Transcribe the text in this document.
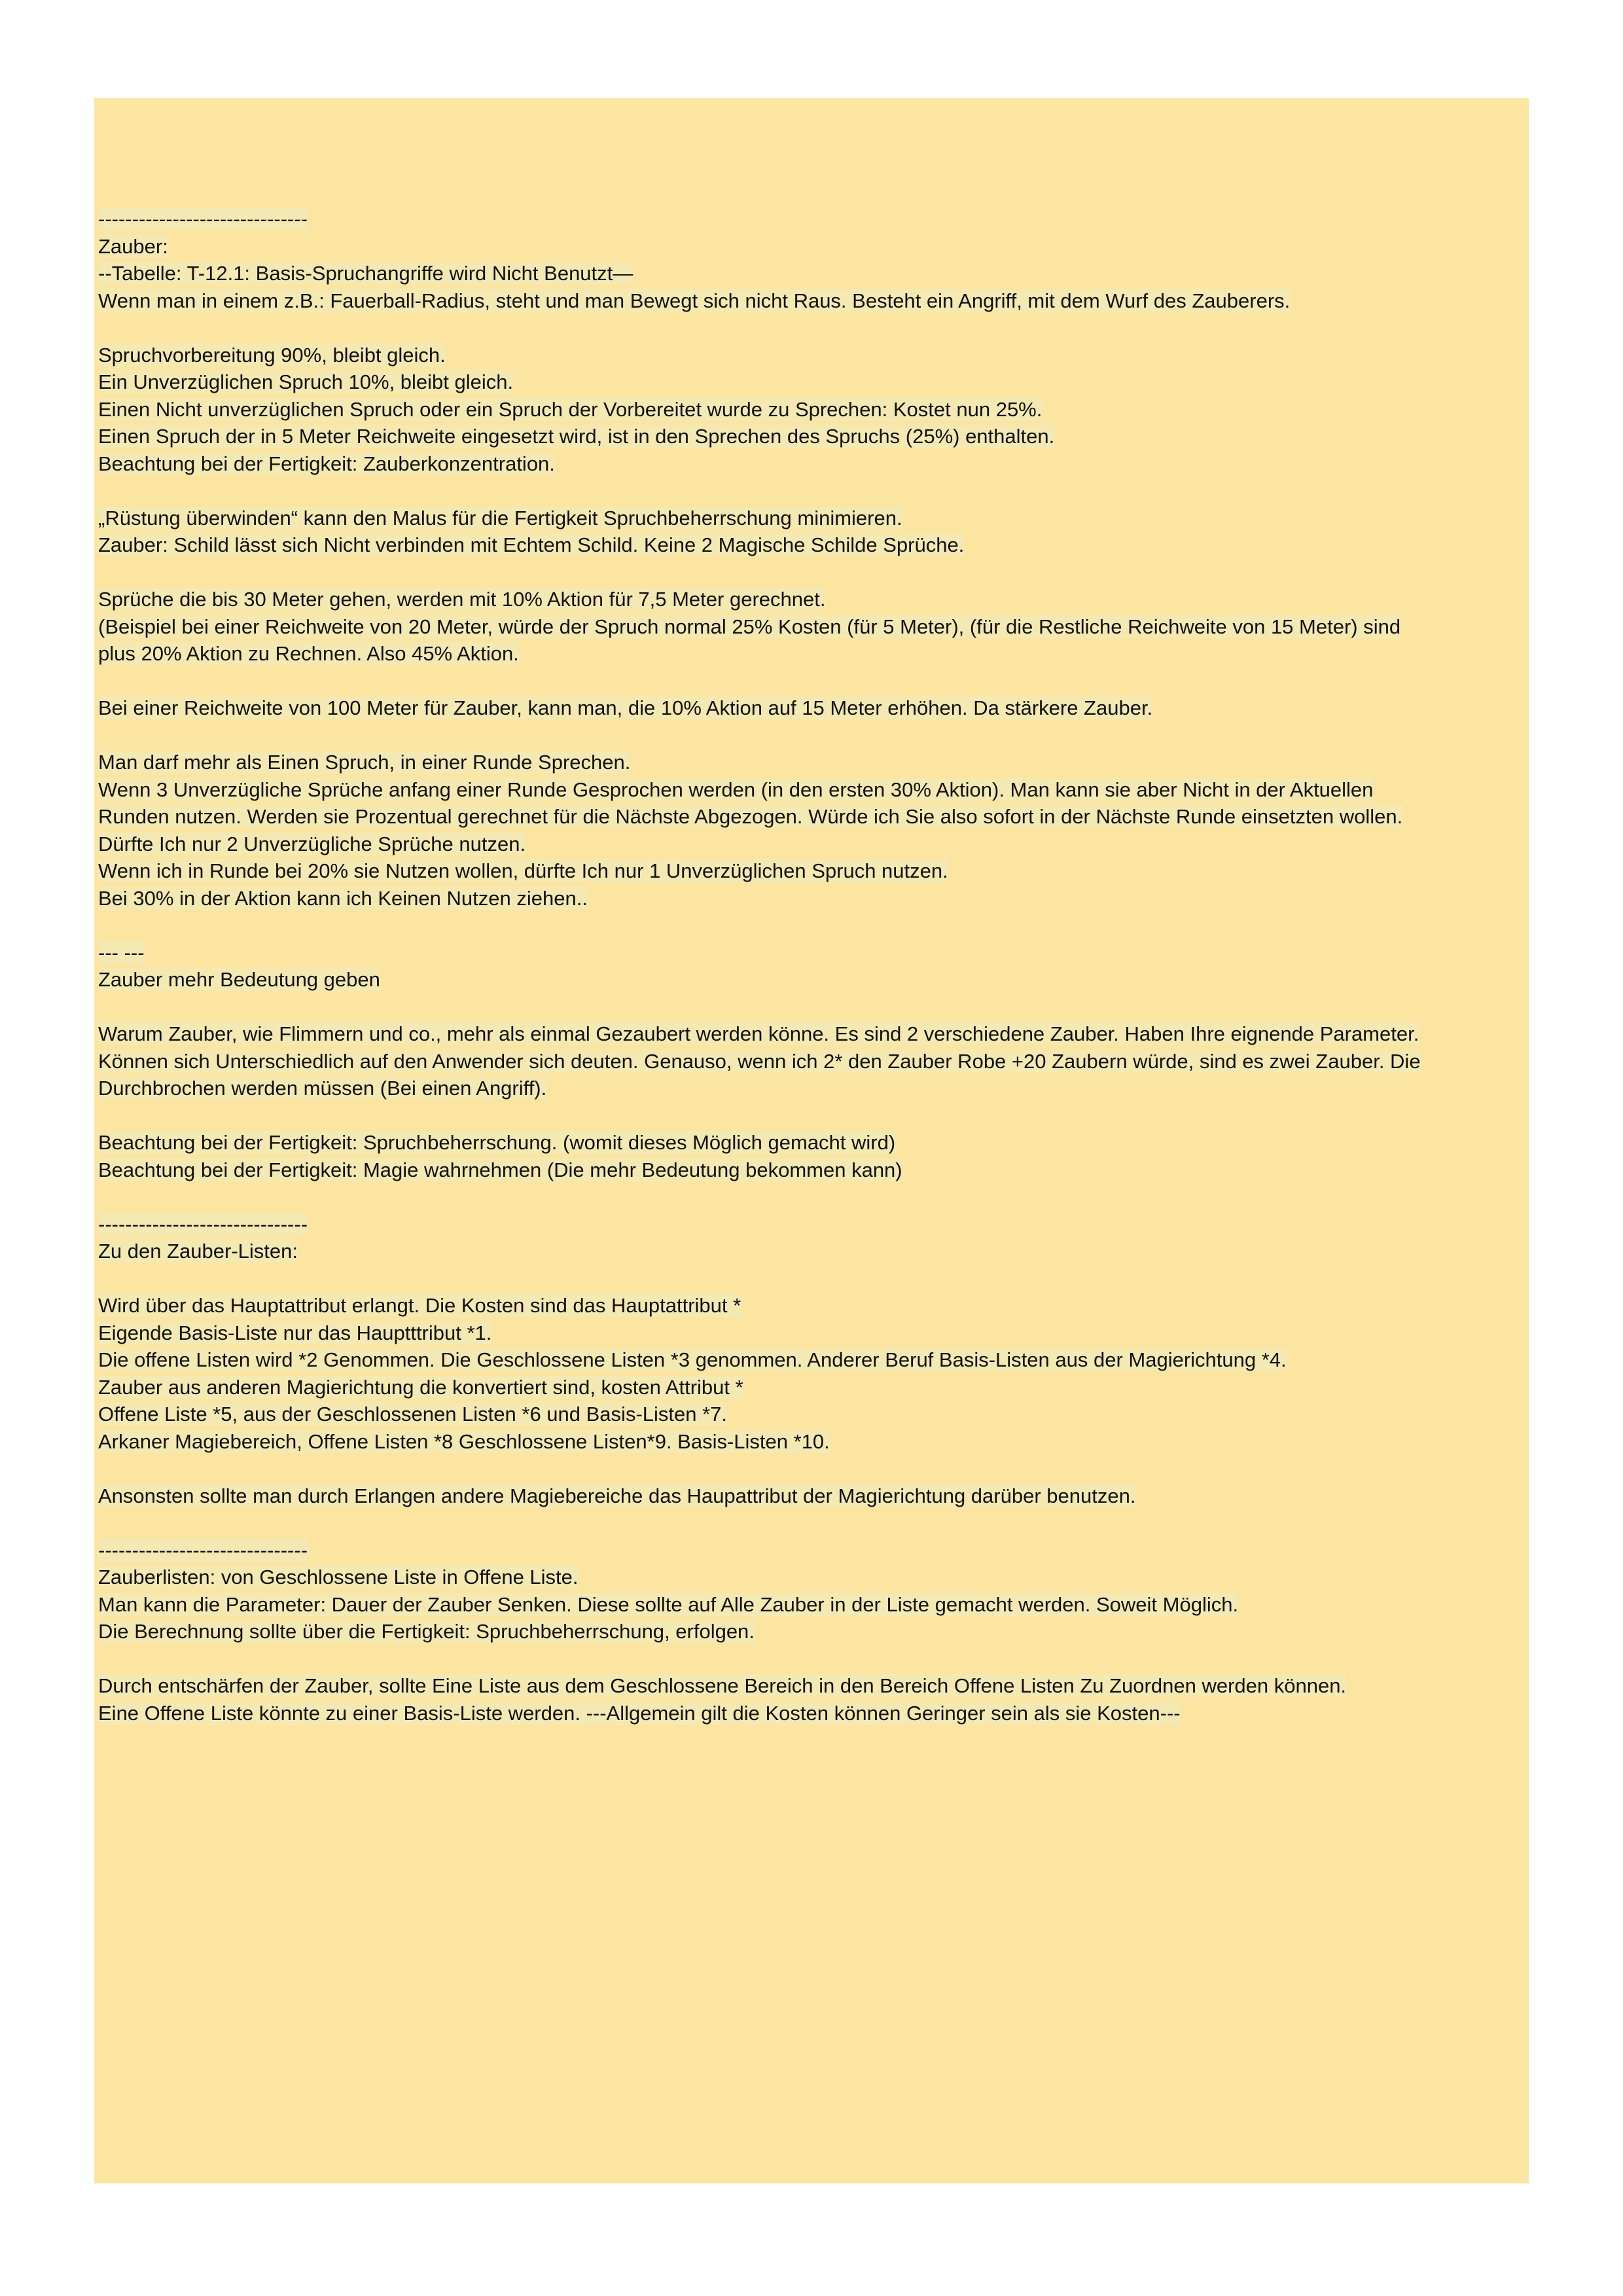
-------------------------------
Zauber:
--Tabelle: T-12.1: Basis-Spruchangriffe wird Nicht Benutzt—
Wenn man in einem z.B.: Fauerball-Radius, steht und man Bewegt sich nicht Raus. Besteht ein Angriff, mit dem Wurf des Zauberers.
Spruchvorbereitung 90%, bleibt gleich.
Ein Unverzüglichen Spruch 10%, bleibt gleich.
Einen Nicht unverzüglichen Spruch oder ein Spruch der Vorbereitet wurde zu Sprechen: Kostet nun 25%.
Einen Spruch der in 5 Meter Reichweite eingesetzt wird, ist in den Sprechen des Spruchs (25%) enthalten.
Beachtung bei der Fertigkeit: Zauberkonzentration.
„Rüstung überwinden“ kann den Malus für die Fertigkeit Spruchbeherrschung minimieren.
Zauber: Schild lässt sich Nicht verbinden mit Echtem Schild. Keine 2 Magische Schilde Sprüche.
Sprüche die bis 30 Meter gehen, werden mit 10% Aktion für 7,5 Meter gerechnet.
(Beispiel bei einer Reichweite von 20 Meter, würde der Spruch normal 25% Kosten (für 5 Meter), (für die Restliche Reichweite von 15 Meter) sind
plus 20% Aktion zu Rechnen. Also 45% Aktion.
Bei einer Reichweite von 100 Meter für Zauber, kann man, die 10% Aktion auf 15 Meter erhöhen. Da stärkere Zauber.
Man darf mehr als Einen Spruch, in einer Runde Sprechen.
Wenn 3 Unverzügliche Sprüche anfang einer Runde Gesprochen werden (in den ersten 30% Aktion). Man kann sie aber Nicht in der Aktuellen
Runden nutzen. Werden sie Prozentual gerechnet für die Nächste Abgezogen. Würde ich Sie also sofort in der Nächste Runde einsetzten wollen.
Dürfte Ich nur 2 Unverzügliche Sprüche nutzen.
Wenn ich in Runde bei 20% sie Nutzen wollen, dürfte Ich nur 1 Unverzüglichen Spruch nutzen.
Bei 30% in der Aktion kann ich Keinen Nutzen ziehen..
--- ---
Zauber mehr Bedeutung geben
Warum Zauber, wie Flimmern und co., mehr als einmal Gezaubert werden könne. Es sind 2 verschiedene Zauber. Haben Ihre eignende Parameter.
Können sich Unterschiedlich auf den Anwender sich deuten. Genauso, wenn ich 2* den Zauber Robe +20 Zaubern würde, sind es zwei Zauber. Die
Durchbrochen werden müssen (Bei einen Angriff).
Beachtung bei der Fertigkeit: Spruchbeherrschung. (womit dieses Möglich gemacht wird)
Beachtung bei der Fertigkeit: Magie wahrnehmen (Die mehr Bedeutung bekommen kann)
-------------------------------
Zu den Zauber-Listen:
Wird über das Hauptattribut erlangt. Die Kosten sind das Hauptattribut *
Eigende Basis-Liste nur das Hauptttribut *1.
Die offene Listen wird *2 Genommen. Die Geschlossene Listen *3 genommen. Anderer Beruf Basis-Listen aus der Magierichtung *4.
Zauber aus anderen Magierichtung die konvertiert sind, kosten Attribut *
Offene Liste *5, aus der Geschlossenen Listen *6 und Basis-Listen *7.
Arkaner Magiebereich, Offene Listen *8 Geschlossene Listen*9. Basis-Listen *10.
Ansonsten sollte man durch Erlangen andere Magiebereiche das Haupattribut der Magierichtung darüber benutzen.
-------------------------------
Zauberlisten: von Geschlossene Liste in Offene Liste.
Man kann die Parameter: Dauer der Zauber Senken. Diese sollte auf Alle Zauber in der Liste gemacht werden. Soweit Möglich.
Die Berechnung sollte über die Fertigkeit: Spruchbeherrschung, erfolgen.
Durch entschärfen der Zauber, sollte Eine Liste aus dem Geschlossene Bereich in den Bereich Offene Listen Zu Zuordnen werden können.
Eine Offene Liste könnte zu einer Basis-Liste werden. ---Allgemein gilt die Kosten können Geringer sein als sie Kosten---
